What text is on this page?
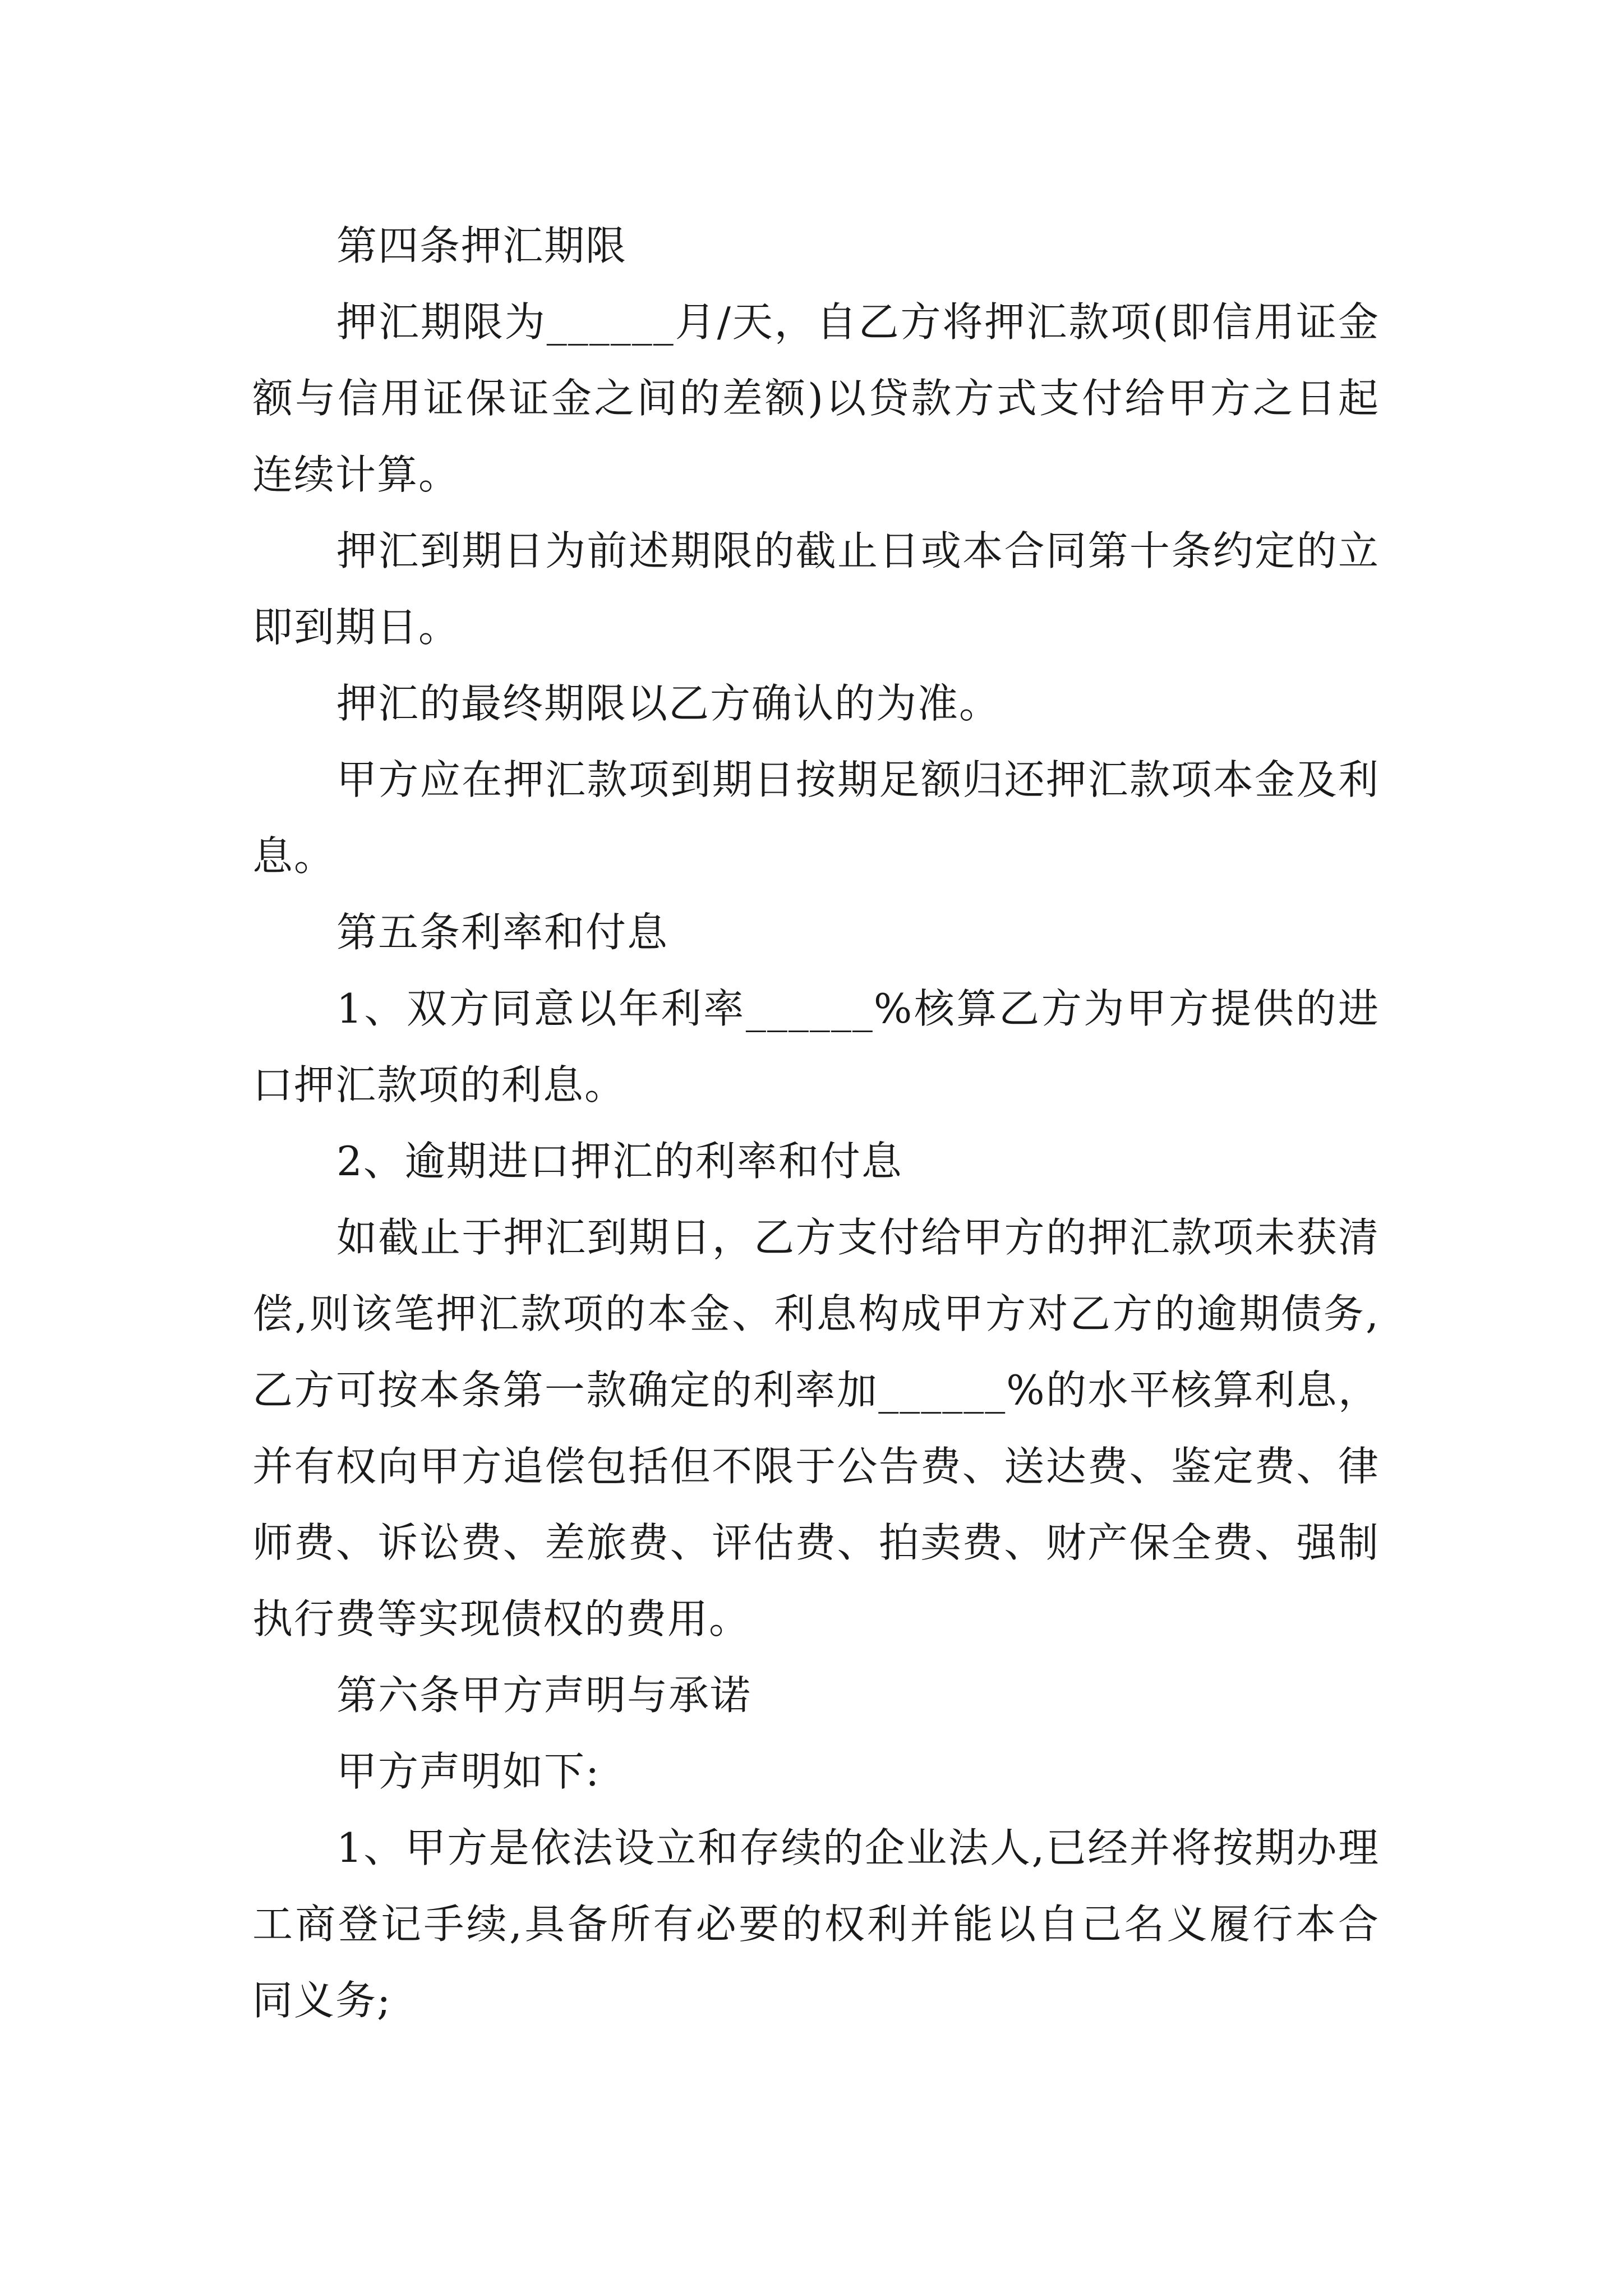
第四条押汇期限

押汇期限为______月/天，自乙方将押汇款项(即信用证金额与信用证保证金之间的差额)以贷款方式支付给甲方之日起连续计算。

押汇到期日为前述期限的截止日或本合同第十条约定的立即到期日。

押汇的最终期限以乙方确认的为准。

甲方应在押汇款项到期日按期足额归还押汇款项本金及利息。

第五条利率和付息

1、双方同意以年利率______%核算乙方为甲方提供的进口押汇款项的利息。

2、逾期进口押汇的利率和付息

如截止于押汇到期日，乙方支付给甲方的押汇款项未获清偿,则该笔押汇款项的本金、利息构成甲方对乙方的逾期债务,乙方可按本条第一款确定的利率加______%的水平核算利息，并有权向甲方追偿包括但不限于公告费、送达费、鉴定费、律师费、诉讼费、差旅费、评估费、拍卖费、财产保全费、强制执行费等实现债权的费用。

第六条甲方声明与承诺

甲方声明如下:

1、甲方是依法设立和存续的企业法人,已经并将按期办理工商登记手续,具备所有必要的权利并能以自己名义履行本合同义务;
